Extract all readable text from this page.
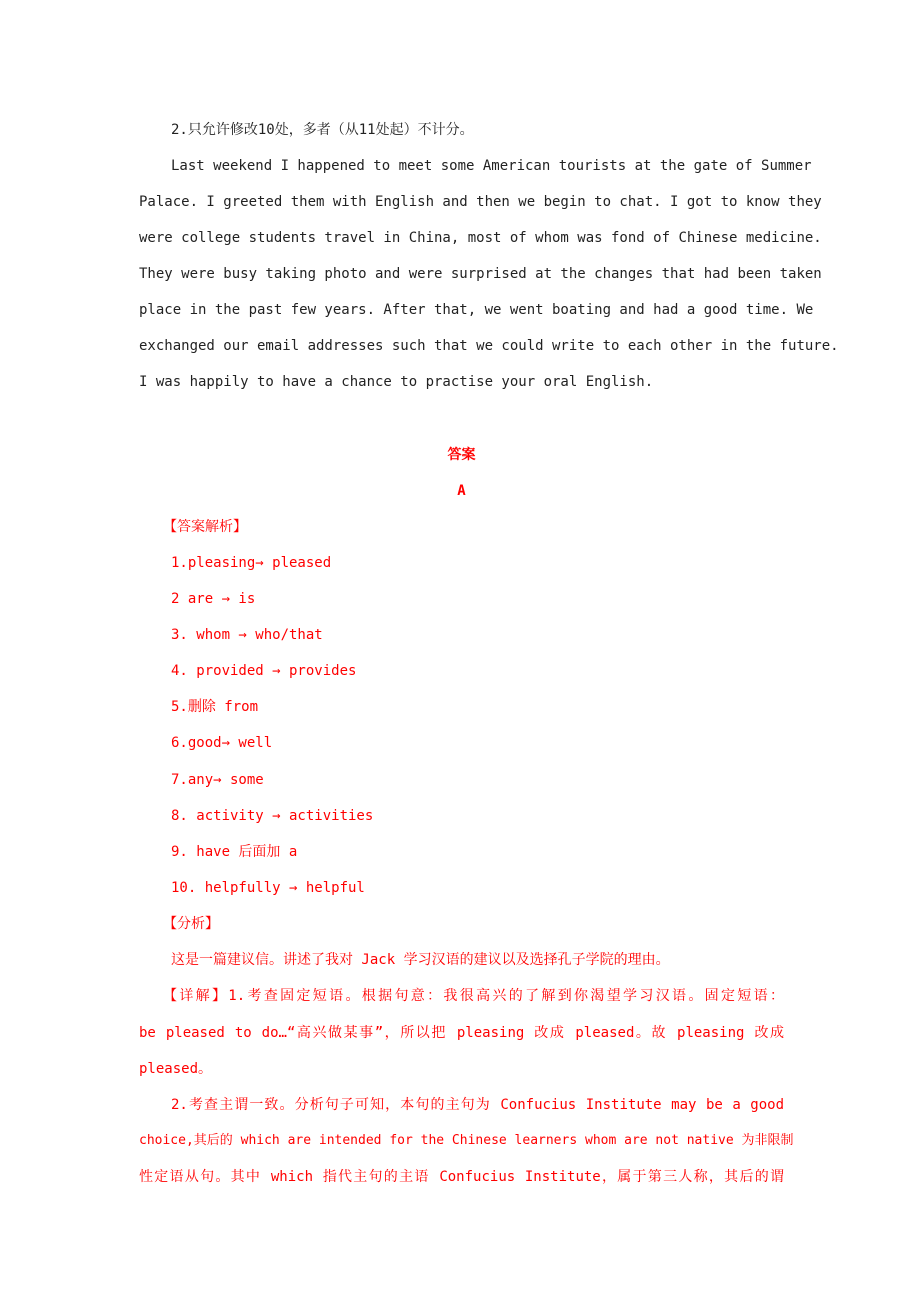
2.只允许修改10处，多者（从11处起）不计分。
Last weekend I happened to meet some American tourists at the gate of Summer
Palace. I greeted them with English and then we begin to chat. I got to know they
were college students travel in China, most of whom was fond of Chinese medicine.
They were busy taking photo and were surprised at the changes that had been taken
place in the past few years. After that, we went boating and had a good time. We
exchanged our email addresses such that we could write to each other in the future.
I was happily to have a chance to practise your oral English.
答案
A
【答案解析】
1.pleasing→ pleased
2 are → is
3. whom → who/that
4. provided → provides
5.删除 from
6.good→ well
7.any→ some
8. activity → activities
9. have 后面加 a
10. helpfully → helpful
【分析】
这是一篇建议信。讲述了我对 Jack 学习汉语的建议以及选择孔子学院的理由。
【详解】1.考查固定短语。根据句意：我很高兴的了解到你渴望学习汉语。固定短语：
be pleased to do…“高兴做某事”，所以把 pleasing 改成 pleased。故 pleasing 改成
pleased。
2.考查主谓一致。分析句子可知，本句的主句为 Confucius Institute may be a good
choice,其后的 which are intended for the Chinese learners whom are not native 为非限制
性定语从句。其中 which 指代主句的主语 Confucius Institute，属于第三人称，其后的谓
